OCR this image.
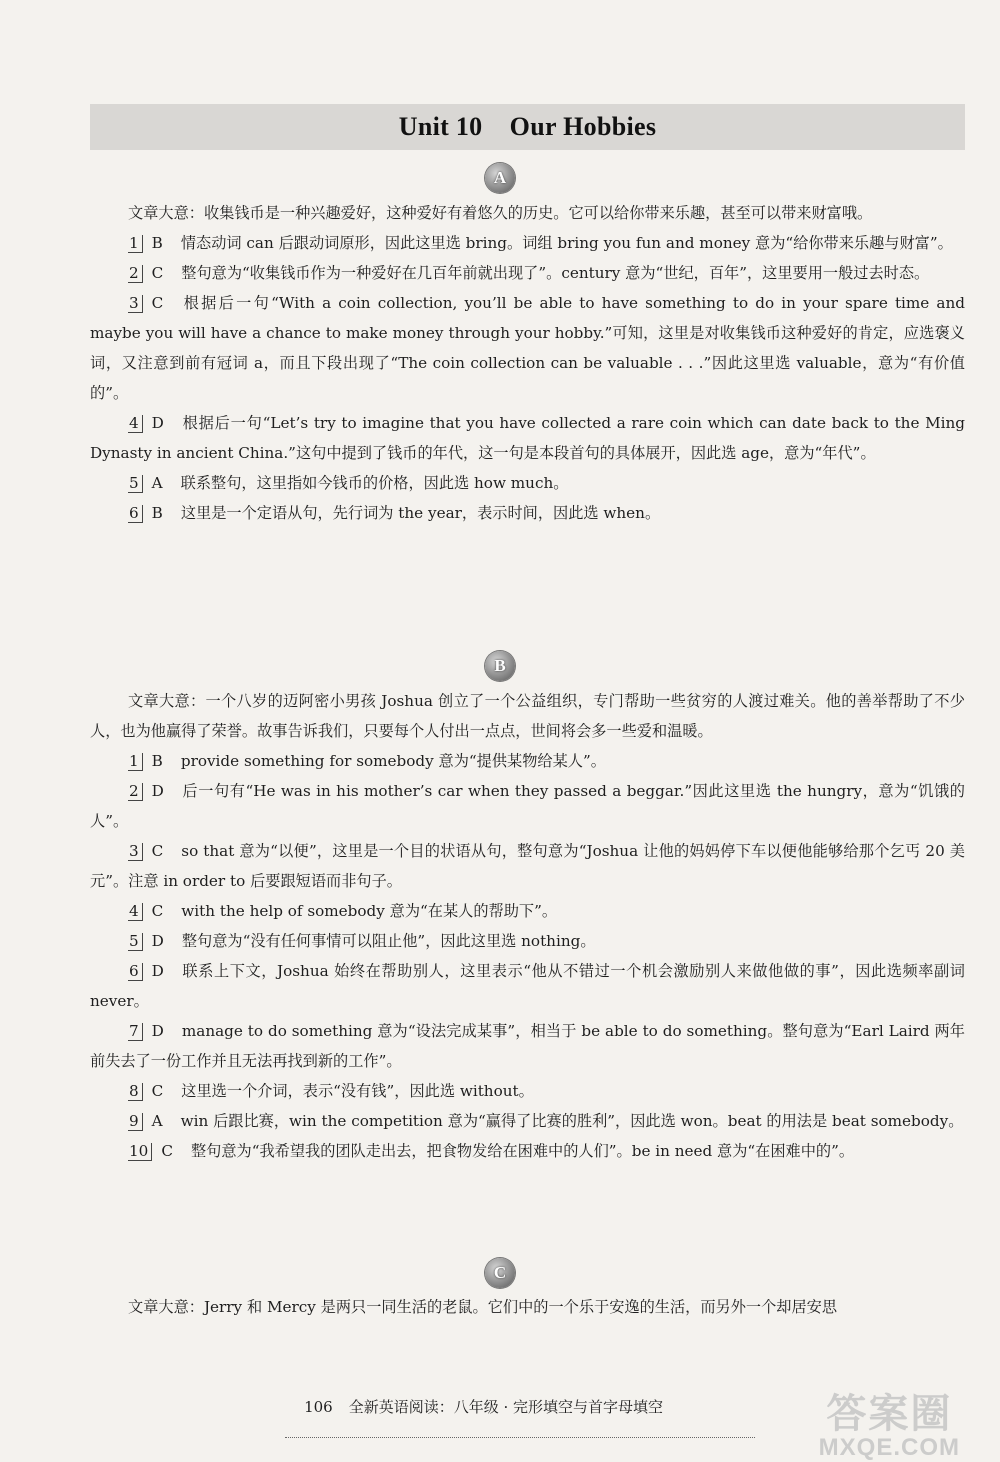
Unit 10    Our Hobbies
A

文章大意：收集钱币是一种兴趣爱好，这种爱好有着悠久的历史。它可以给你带来乐趣，甚至可以带来财富哦。

1 B 情态动词 can 后跟动词原形，因此这里选 bring。词组 bring you fun and money 意为“给你带来乐趣与财富”。

2 C 整句意为“收集钱币作为一种爱好在几百年前就出现了”。century 意为“世纪，百年”，这里要用一般过去时态。

3 C 根据后一句“With a coin collection, you’ll be able to have something to do in your spare time and maybe you will have a chance to make money through your hobby.”可知，这里是对收集钱币这种爱好的肯定，应选褒义词，又注意到前有冠词 a，而且下段出现了“The coin collection can be valuable . . .”因此这里选 valuable，意为“有价值的”。

4 D 根据后一句“Let’s try to imagine that you have collected a rare coin which can date back to the Ming Dynasty in ancient China.”这句中提到了钱币的年代，这一句是本段首句的具体展开，因此选 age，意为“年代”。

5 A 联系整句，这里指如今钱币的价格，因此选 how much。

6 B 这里是一个定语从句，先行词为 the year，表示时间，因此选 when。

B

文章大意：一个八岁的迈阿密小男孩 Joshua 创立了一个公益组织，专门帮助一些贫穷的人渡过难关。他的善举帮助了不少人，也为他赢得了荣誉。故事告诉我们，只要每个人付出一点点，世间将会多一些爱和温暖。

1 B provide something for somebody 意为“提供某物给某人”。

2 D 后一句有“He was in his mother’s car when they passed a beggar.”因此这里选 the hungry，意为“饥饿的人”。

3 C so that 意为“以便”，这里是一个目的状语从句，整句意为“Joshua 让他的妈妈停下车以便他能够给那个乞丐 20 美元”。注意 in order to 后要跟短语而非句子。

4 C with the help of somebody 意为“在某人的帮助下”。

5 D 整句意为“没有任何事情可以阻止他”，因此这里选 nothing。

6 D 联系上下文，Joshua 始终在帮助别人，这里表示“他从不错过一个机会激励别人来做他做的事”，因此选频率副词 never。

7 D manage to do something 意为“设法完成某事”，相当于 be able to do something。整句意为“Earl Laird 两年前失去了一份工作并且无法再找到新的工作”。

8 C 这里选一个介词，表示“没有钱”，因此选 without。

9 A win 后跟比赛，win the competition 意为“赢得了比赛的胜利”，因此选 won。beat 的用法是 beat somebody。

10 C 整句意为“我希望我的团队走出去，把食物发给在困难中的人们”。be in need 意为“在困难中的”。

C

文章大意：Jerry 和 Mercy 是两只一同生活的老鼠。它们中的一个乐于安逸的生活，而另外一个却居安思

106 全新英语阅读：八年级 · 完形填空与首字母填空
	答案圈
MXQE.COM
